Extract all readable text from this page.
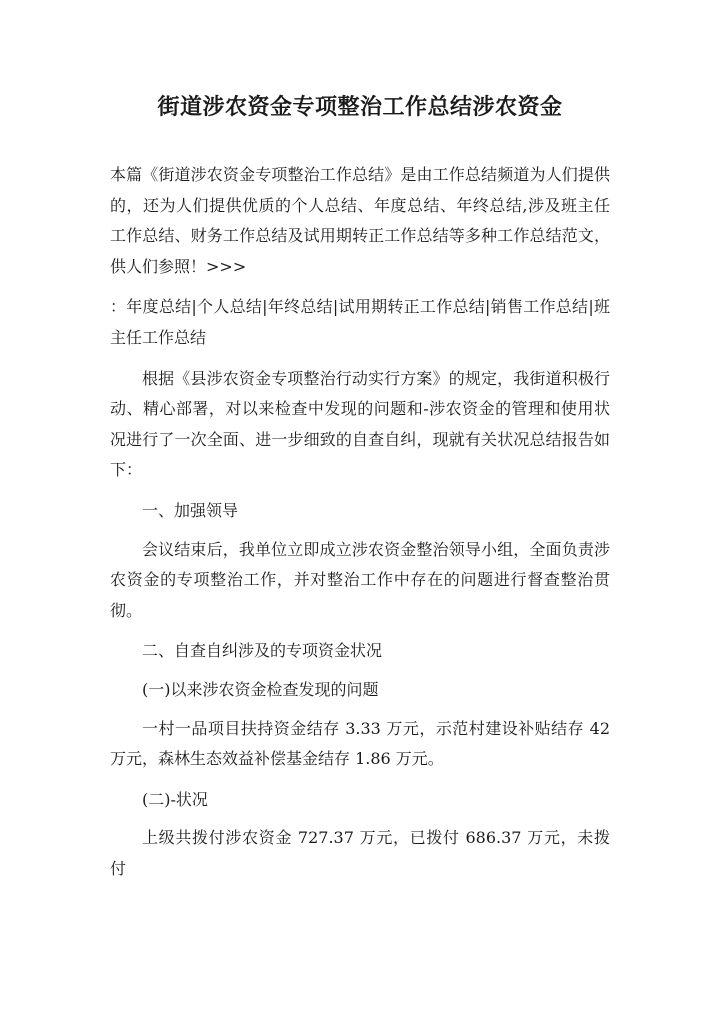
街道涉农资金专项整治工作总结涉农资金

本篇《街道涉农资金专项整治工作总结》是由工作总结频道为人们提供的，还为人们提供优质的个人总结、年度总结、年终总结,涉及班主任工作总结、财务工作总结及试用期转正工作总结等多种工作总结范文，供人们参照！>>>

：年度总结|个人总结|年终总结|试用期转正工作总结|销售工作总结|班主任工作总结

根据《县涉农资金专项整治行动实行方案》的规定，我街道积极行动、精心部署，对以来检查中发现的问题和-涉农资金的管理和使用状况进行了一次全面、进一步细致的自查自纠，现就有关状况总结报告如下：

一、加强领导

会议结束后，我单位立即成立涉农资金整治领导小组，全面负责涉农资金的专项整治工作，并对整治工作中存在的问题进行督查整治贯彻。

二、自查自纠涉及的专项资金状况

(一)以来涉农资金检查发现的问题

一村一品项目扶持资金结存 3.33 万元，示范村建设补贴结存 42 万元，森林生态效益补偿基金结存 1.86 万元。

(二)-状况

上级共拨付涉农资金 727.37 万元，已拨付 686.37 万元，未拨付
